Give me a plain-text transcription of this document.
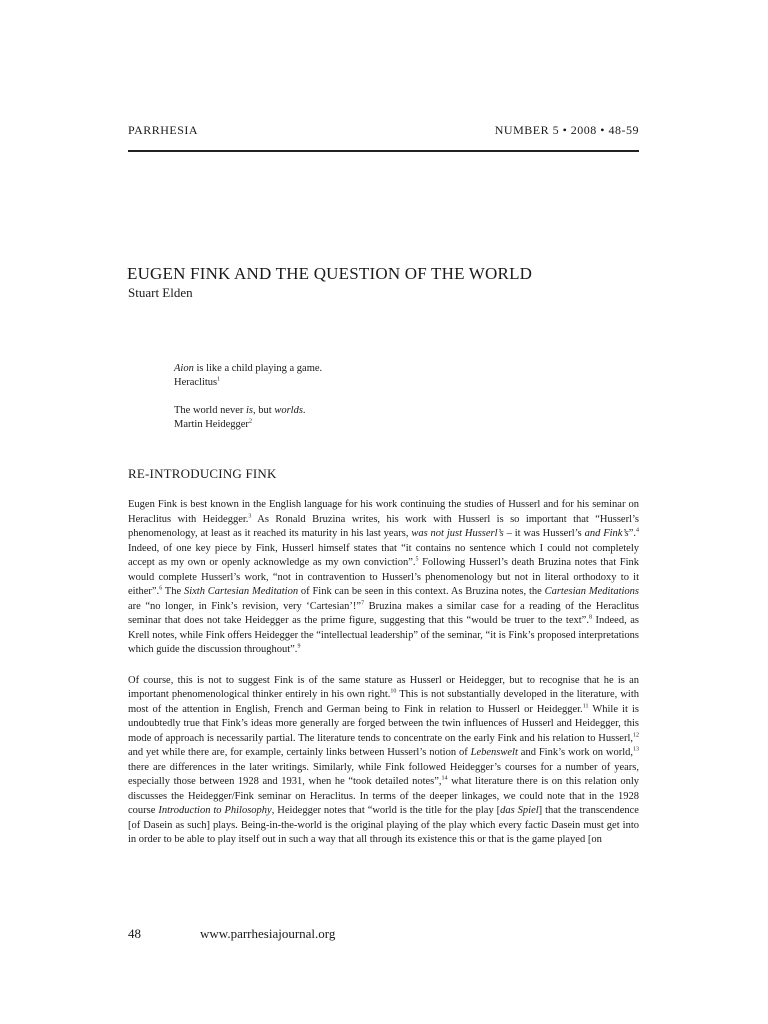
PARRHESIA	NUMBER 5 • 2008 • 48-59
EUGEN FINK AND THE QUESTION OF THE WORLD
Stuart Elden
Aion is like a child playing a game.
Heraclitus$^1$
The world never is, but worlds.
Martin Heidegger$^2$
RE-INTRODUCING FINK

Eugen Fink is best known in the English language for his work continuing the studies of Husserl and for his seminar on Heraclitus with Heidegger.$^3$ As Ronald Bruzina writes, his work with Husserl is so important that “Husserl’s phenomenology, at least as it reached its maturity in his last years, was not just Husserl’s – it was Husserl’s and Fink’s”.$^4$ Indeed, of one key piece by Fink, Husserl himself states that “it contains no sentence which I could not completely accept as my own or openly acknowledge as my own conviction”.$^5$ Following Husserl’s death Bruzina notes that Fink would complete Husserl’s work, “not in contravention to Husserl’s phenomenology but not in literal orthodoxy to it either”.$^6$ The Sixth Cartesian Meditation of Fink can be seen in this context. As Bruzina notes, the Cartesian Meditations are “no longer, in Fink’s revision, very ‘Cartesian’!”$^7$ Bruzina makes a similar case for a reading of the Heraclitus seminar that does not take Heidegger as the prime figure, suggesting that this “would be truer to the text”.$^8$ Indeed, as Krell notes, while Fink offers Heidegger the “intellectual leadership” of the seminar, “it is Fink’s proposed interpretations which guide the discussion throughout”.$^9$

Of course, this is not to suggest Fink is of the same stature as Husserl or Heidegger, but to recognise that he is an important phenomenological thinker entirely in his own right.$^{10}$ This is not substantially developed in the literature, with most of the attention in English, French and German being to Fink in relation to Husserl or Heidegger.$^{11}$ While it is undoubtedly true that Fink’s ideas more generally are forged between the twin influences of Husserl and Heidegger, this mode of approach is necessarily partial. The literature tends to concentrate on the early Fink and his relation to Husserl,$^{12}$ and yet while there are, for example, certainly links between Husserl’s notion of Lebenswelt and Fink’s work on world,$^{13}$ there are differences in the later writings. Similarly, while Fink followed Heidegger’s courses for a number of years, especially those between 1928 and 1931, when he “took detailed notes”,$^{14}$ what literature there is on this relation only discusses the Heidegger/Fink seminar on Heraclitus. In terms of the deeper linkages, we could note that in the 1928 course Introduction to Philosophy, Heidegger notes that “world is the title for the play [das Spiel] that the transcendence [of Dasein as such] plays. Being-in-the-world is the original playing of the play which every factic Dasein must get into in order to be able to play itself out in such a way that all through its existence this or that is the game played [on

48	www.parrhesiajournal.org
